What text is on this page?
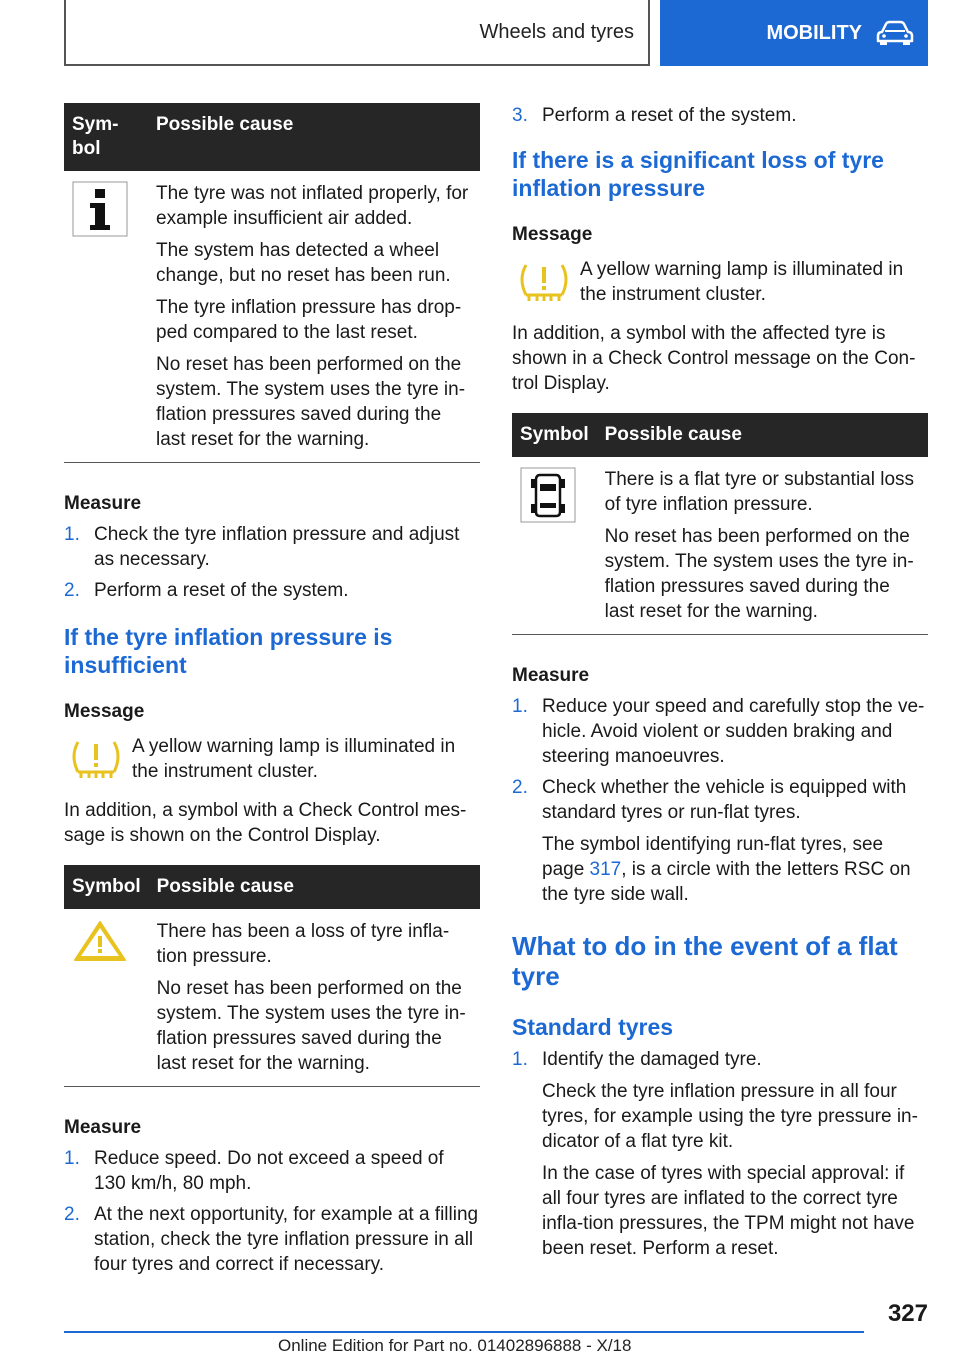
Wheels and tyres	MOBILITY
Sym-
bol	Possible cause

The tyre was not inflated properly, for example insufficient air added.
The system has detected a wheel change, but no reset has been run.
The tyre inflation pressure has drop-ped compared to the last reset.
No reset has been performed on the system. The system uses the tyre in-flation pressures saved during the last reset for the warning.
Measure
1. Check the tyre inflation pressure and adjust as necessary.
2. Perform a reset of the system.
If the tyre inflation pressure is insufficient
Message
A yellow warning lamp is illuminated in the instrument cluster.
In addition, a symbol with a Check Control mes-sage is shown on the Control Display.
Symbol	Possible cause

There has been a loss of tyre infla-tion pressure.
No reset has been performed on the system. The system uses the tyre in-flation pressures saved during the last reset for the warning.
Measure
1. Reduce speed. Do not exceed a speed of 130 km/h, 80 mph.
2. At the next opportunity, for example at a filling station, check the tyre inflation pressure in all four tyres and correct if necessary.
3. Perform a reset of the system.
If there is a significant loss of tyre inflation pressure
Message
A yellow warning lamp is illuminated in the instrument cluster.
In addition, a symbol with the affected tyre is shown in a Check Control message on the Con-trol Display.
Symbol	Possible cause

There is a flat tyre or substantial loss of tyre inflation pressure.
No reset has been performed on the system. The system uses the tyre in-flation pressures saved during the last reset for the warning.
Measure
1. Reduce your speed and carefully stop the ve-hicle. Avoid violent or sudden braking and steering manoeuvres.
2. Check whether the vehicle is equipped with standard tyres or run-flat tyres.
The symbol identifying run-flat tyres, see page 317, is a circle with the letters RSC on the tyre side wall.
What to do in the event of a flat tyre
Standard tyres
1. Identify the damaged tyre.
Check the tyre inflation pressure in all four tyres, for example using the tyre pressure in-dicator of a flat tyre kit.
In the case of tyres with special approval: if all four tyres are inflated to the correct tyre infla-tion pressures, the TPM might not have been reset. Perform a reset.
327
Online Edition for Part no. 01402896888 - X/18
